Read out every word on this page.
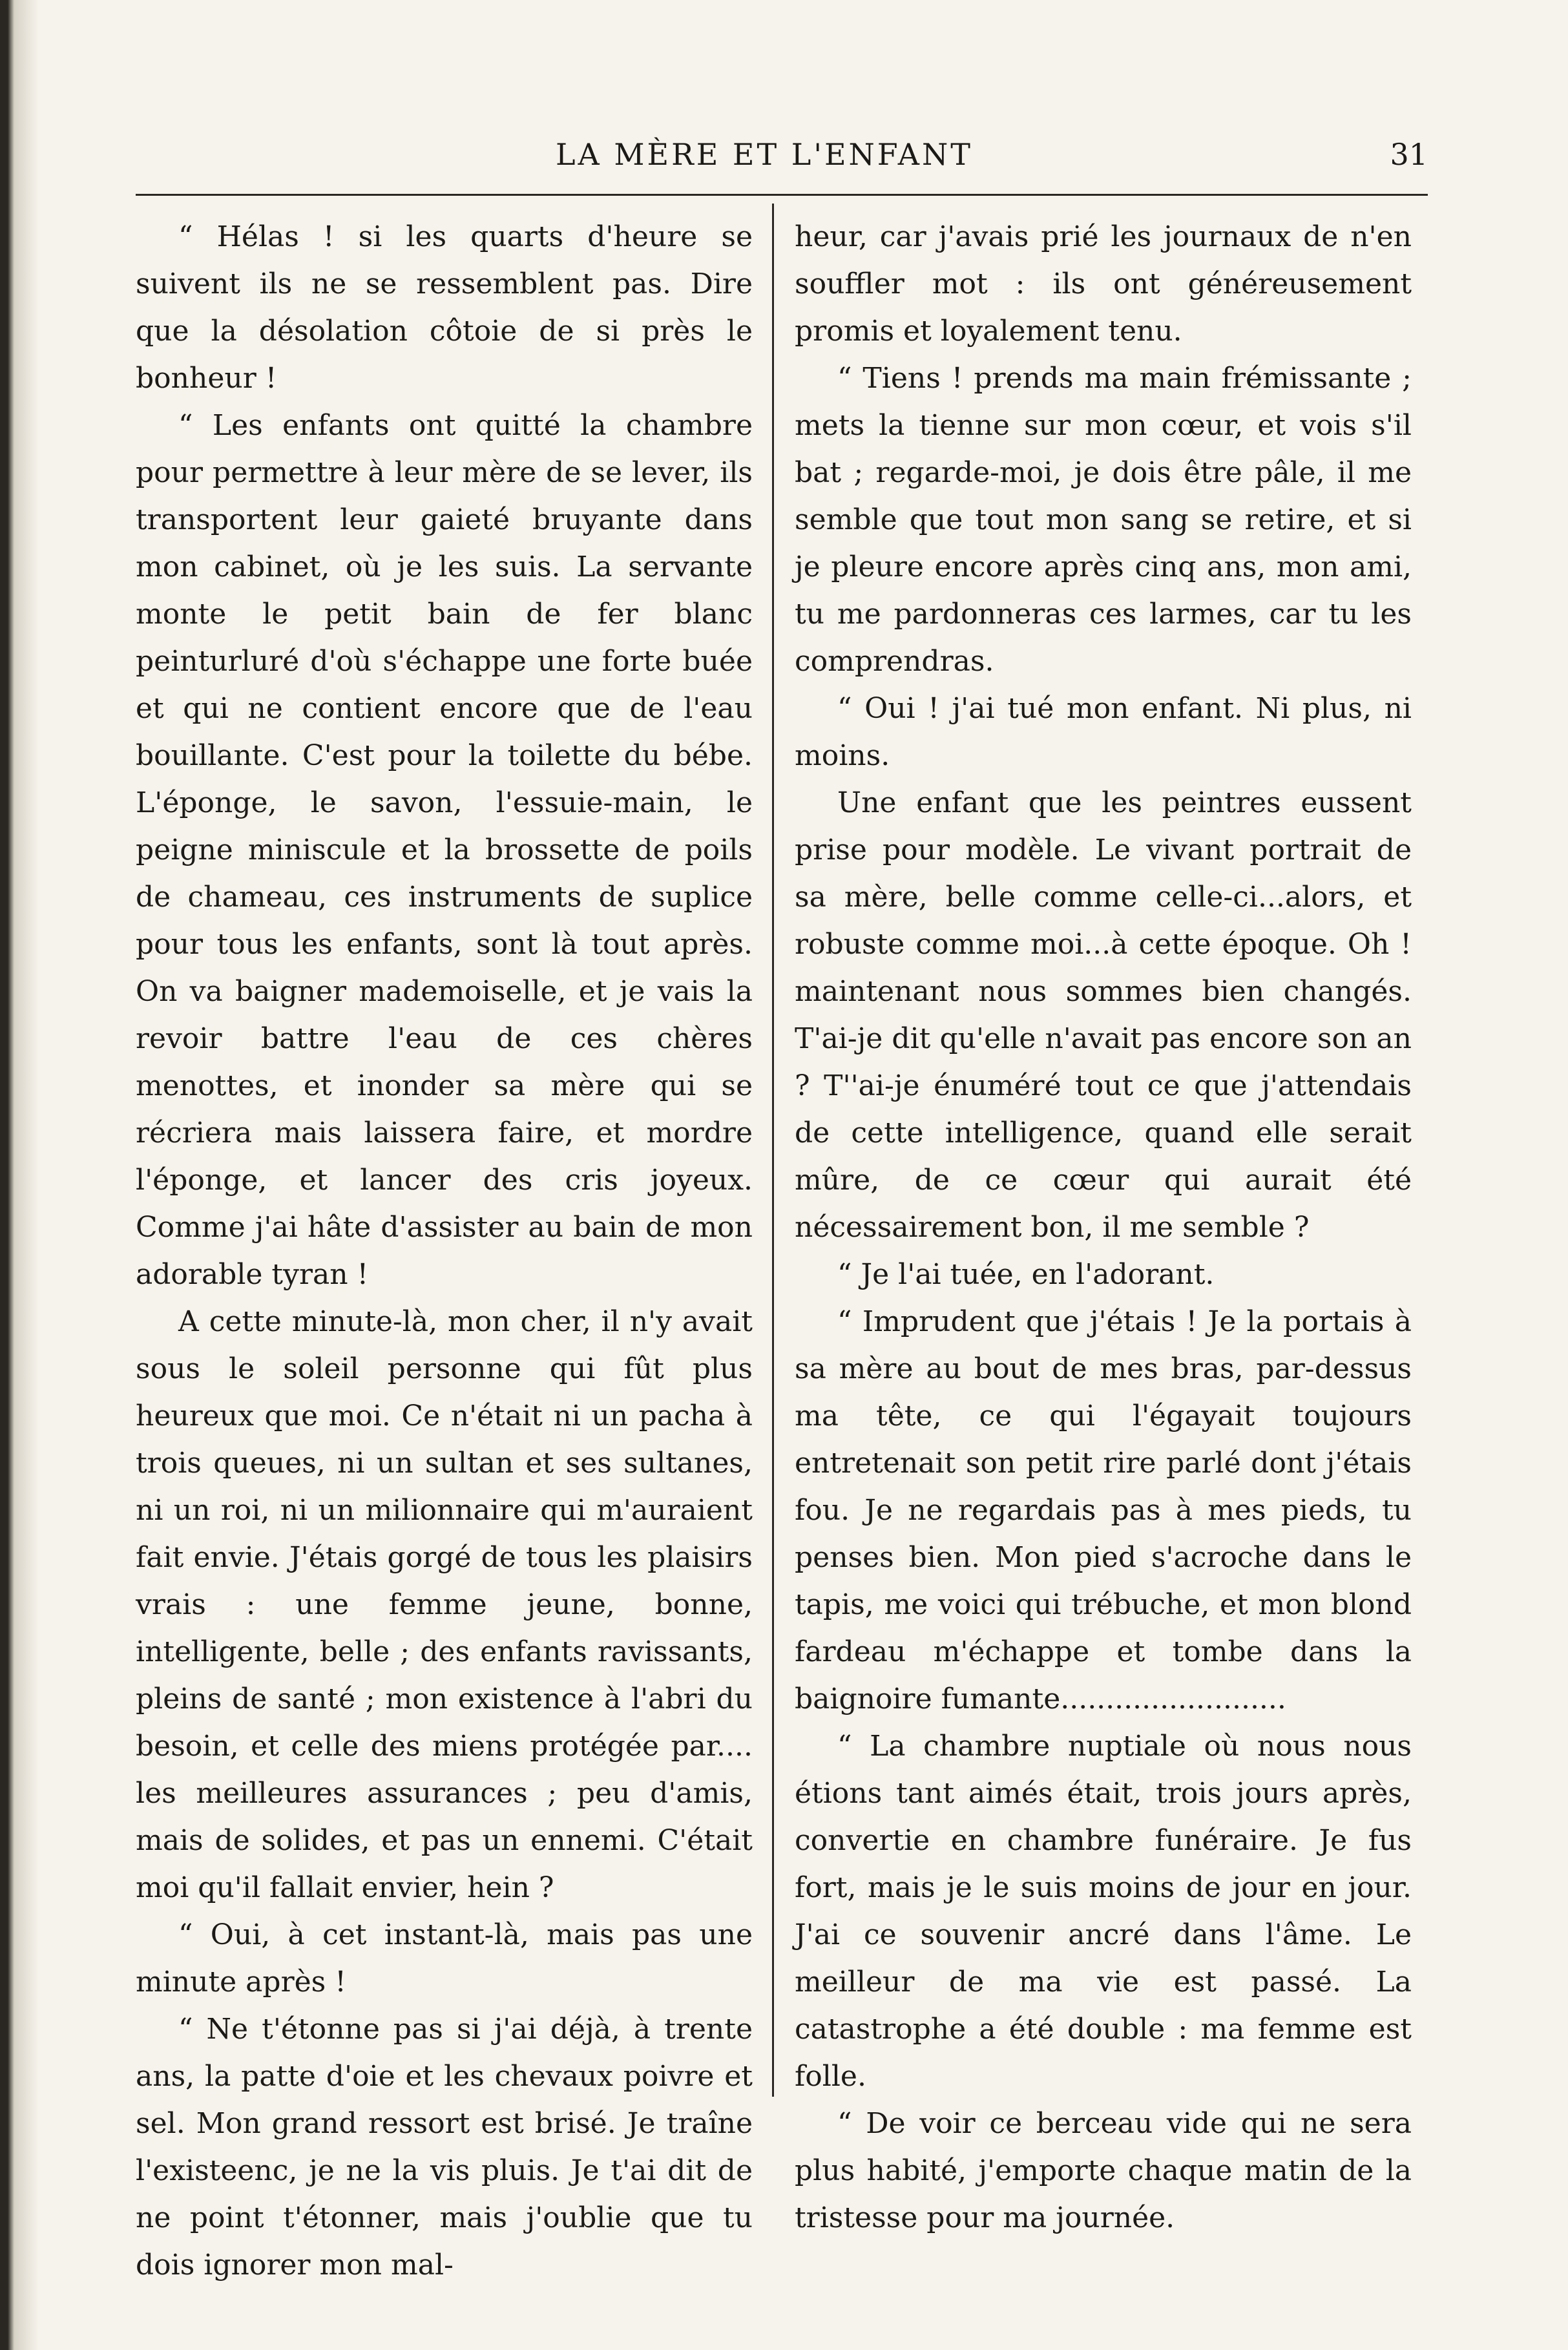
LA MÈRE ET L'ENFANT	31

“ Hélas ! si les quarts d'heure se suivent ils ne se ressemblent pas. Dire que la désolation côtoie de si près le bonheur !

“ Les enfants ont quitté la chambre pour permettre à leur mère de se lever, ils transportent leur gaieté bruyante dans mon cabinet, où je les suis. La servante monte le petit bain de fer blanc peinturluré d'où s'échappe une forte buée et qui ne contient encore que de l'eau bouillante. C'est pour la toilette du bébe. L'éponge, le savon, l'essuie-main, le peigne miniscule et la brossette de poils de chameau, ces instruments de suplice pour tous les enfants, sont là tout après. On va baigner mademoiselle, et je vais la revoir battre l'eau de ces chères menottes, et inonder sa mère qui se récriera mais laissera faire, et mordre l'éponge, et lancer des cris joyeux. Comme j'ai hâte d'assister au bain de mon adorable tyran !

A cette minute-là, mon cher, il n'y avait sous le soleil personne qui fût plus heureux que moi. Ce n'était ni un pacha à trois queues, ni un sultan et ses sultanes, ni un roi, ni un milionnaire qui m'auraient fait envie. J'étais gorgé de tous les plaisirs vrais : une femme jeune, bonne, intelligente, belle ; des enfants ravissants, pleins de santé ; mon existence à l'abri du besoin, et celle des miens protégée par.... les meilleures assurances ; peu d'amis, mais de solides, et pas un ennemi. C'était moi qu'il fallait envier, hein ?

“ Oui, à cet instant-là, mais pas une minute après !

“ Ne t'étonne pas si j'ai déjà, à trente ans, la patte d'oie et les chevaux poivre et sel. Mon grand ressort est brisé. Je traîne l'existeenc, je ne la vis pluis. Je t'ai dit de ne point t'étonner, mais j'oublie que tu dois ignorer mon mal-

heur, car j'avais prié les journaux de n'en souffler mot : ils ont généreusement promis et loyalement tenu.

“ Tiens ! prends ma main frémissante ; mets la tienne sur mon cœur, et vois s'il bat ; regarde-moi, je dois être pâle, il me semble que tout mon sang se retire, et si je pleure encore après cinq ans, mon ami, tu me pardonneras ces larmes, car tu les comprendras.

“ Oui ! j'ai tué mon enfant. Ni plus, ni moins.

Une enfant que les peintres eussent prise pour modèle. Le vivant portrait de sa mère, belle comme celle-ci...alors, et robuste comme moi...à cette époque. Oh ! maintenant nous sommes bien changés. T'ai-je dit qu'elle n'avait pas encore son an ? T''ai-je énuméré tout ce que j'attendais de cette intelligence, quand elle serait mûre, de ce cœur qui aurait été nécessairement bon, il me semble ?

“ Je l'ai tuée, en l'adorant.

“ Imprudent que j'étais ! Je la portais à sa mère au bout de mes bras, par-dessus ma tête, ce qui l'égayait toujours entretenait son petit rire parlé dont j'étais fou. Je ne regardais pas à mes pieds, tu penses bien. Mon pied s'acroche dans le tapis, me voici qui trébuche, et mon blond fardeau m'échappe et tombe dans la baignoire fumante.........................

“ La chambre nuptiale où nous nous étions tant aimés était, trois jours après, convertie en chambre funéraire. Je fus fort, mais je le suis moins de jour en jour. J'ai ce souvenir ancré dans l'âme. Le meilleur de ma vie est passé. La catastrophe a été double : ma femme est folle.

“ De voir ce berceau vide qui ne sera plus habité, j'emporte chaque matin de la tristesse pour ma journée.
